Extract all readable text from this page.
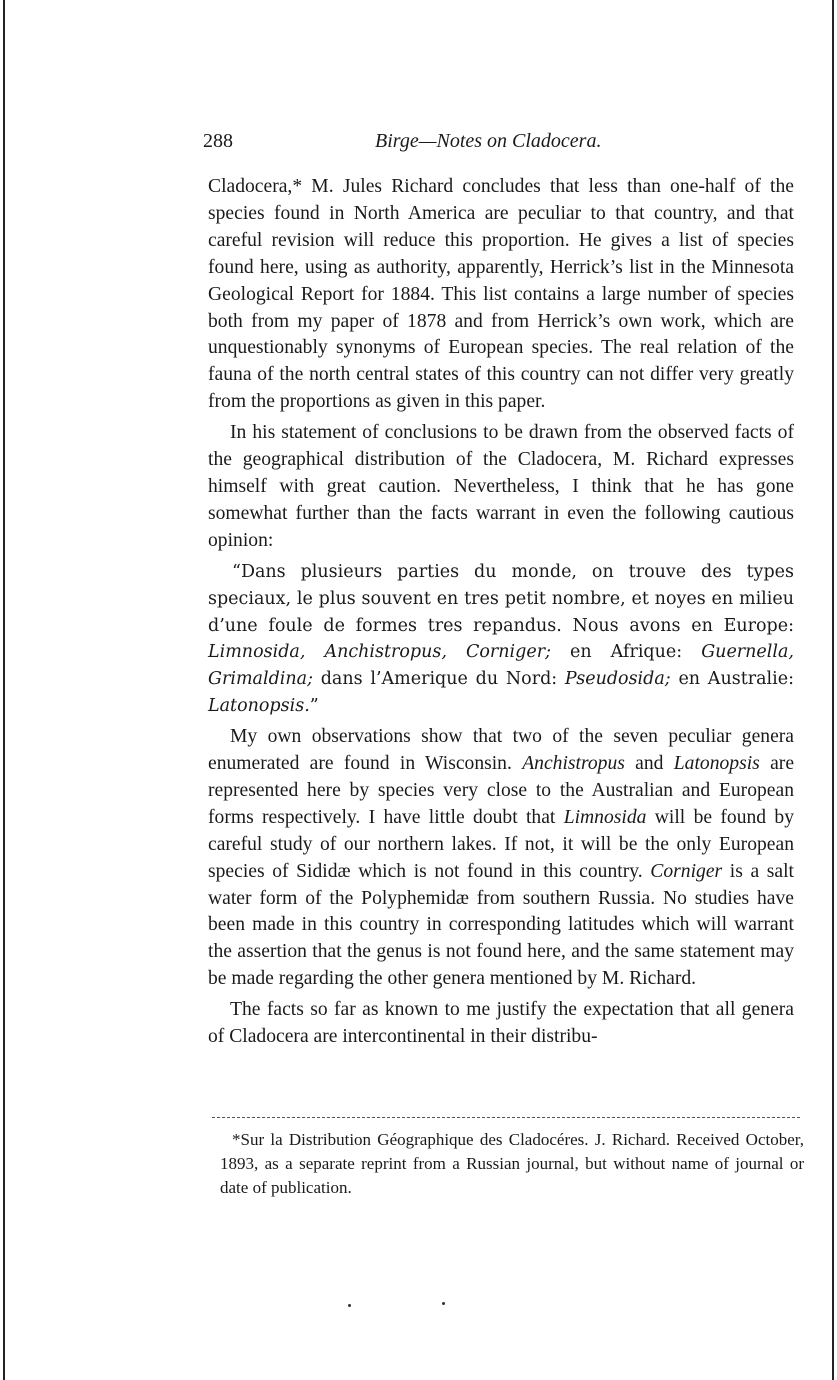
288	Birge—Notes on Cladocera.

Cladocera,* M. Jules Richard concludes that less than one-half of the species found in North America are peculiar to that country, and that careful revision will reduce this proportion. He gives a list of species found here, using as authority, apparently, Herrick’s list in the Minnesota Geological Report for 1884. This list contains a large number of species both from my paper of 1878 and from Herrick’s own work, which are unquestionably synonyms of European species. The real relation of the fauna of the north central states of this country can not differ very greatly from the proportions as given in this paper.

In his statement of conclusions to be drawn from the observed facts of the geographical distribution of the Cladocera, M. Richard expresses himself with great caution. Nevertheless, I think that he has gone somewhat further than the facts warrant in even the following cautious opinion:

“Dans plusieurs parties du monde, on trouve des types speciaux, le plus souvent en tres petit nombre, et noyes en milieu d’une foule de formes tres repandus. Nous avons en Europe: Limnosida, Anchistropus, Corniger; en Afrique: Guernella, Grimaldina; dans l’Amerique du Nord: Pseudosida; en Australie: Latonopsis.”

My own observations show that two of the seven peculiar genera enumerated are found in Wisconsin. Anchistropus and Latonopsis are represented here by species very close to the Australian and European forms respectively. I have little doubt that Limnosida will be found by careful study of our northern lakes. If not, it will be the only European species of Sididæ which is not found in this country. Corniger is a salt water form of the Polyphemidæ from southern Russia. No studies have been made in this country in corresponding latitudes which will warrant the assertion that the genus is not found here, and the same statement may be made regarding the other genera mentioned by M. Richard.

The facts so far as known to me justify the expectation that all genera of Cladocera are intercontinental in their distribu-

*Sur la Distribution Géographique des Cladocéres. J. Richard. Received October, 1893, as a separate reprint from a Russian journal, but without name of journal or date of publication.
